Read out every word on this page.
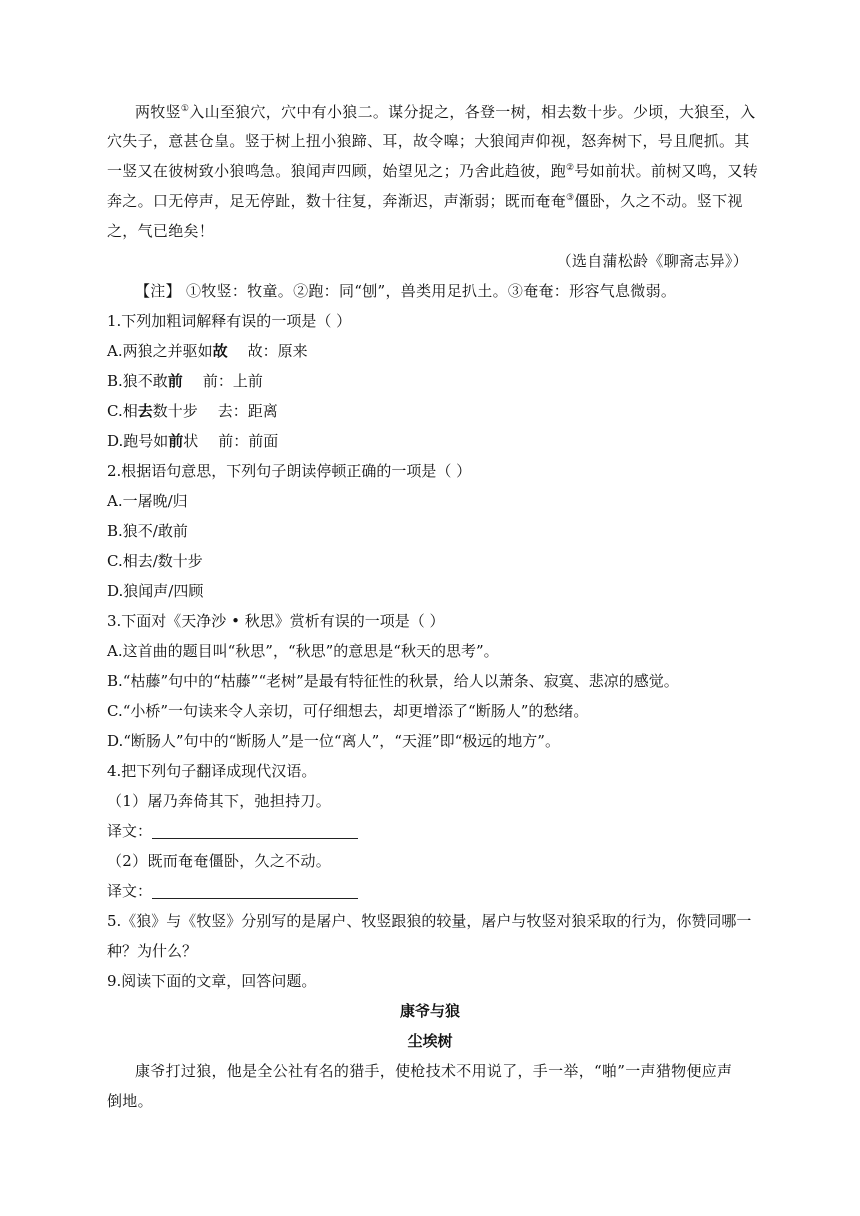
两牧竖①入山至狼穴，穴中有小狼二。谋分捉之，各登一树，相去数十步。少顷，大狼至，入
穴失子，意甚仓皇。竖于树上扭小狼蹄、耳，故令嗥；大狼闻声仰视，怒奔树下，号且爬抓。其
一竖又在彼树致小狼鸣急。狼闻声四顾，始望见之；乃舍此趋彼，跑②号如前状。前树又鸣，又转
奔之。口无停声，足无停趾，数十往复，奔渐迟，声渐弱；既而奄奄③僵卧，久之不动。竖下视
之，气已绝矣！
（选自蒲松龄《聊斋志异》）
【注】 ①牧竖：牧童。②跑：同“刨”，兽类用足扒土。③奄奄：形容气息微弱。
1.下列加粗词解释有误的一项是（ ）
A.两狼之并驱如故 故：原来
B.狼不敢前 前：上前
C.相去数十步 去：距离
D.跑号如前状 前：前面
2.根据语句意思，下列句子朗读停顿正确的一项是（ ）
A.一屠晚/归
B.狼不/敢前
C.相去/数十步
D.狼闻声/四顾
3.下面对《天净沙 • 秋思》赏析有误的一项是（ ）
A.这首曲的题目叫“秋思”，“秋思”的意思是“秋天的思考”。
B.“枯藤”句中的“枯藤”“老树”是最有特征性的秋景，给人以萧条、寂寞、悲凉的感觉。
C.“小桥”一句读来令人亲切，可仔细想去，却更增添了“断肠人”的愁绪。
D.“断肠人”句中的“断肠人”是一位“离人”，“天涯”即“极远的地方”。
4.把下列句子翻译成现代汉语。
（1）屠乃奔倚其下，弛担持刀。
译文：
（2）既而奄奄僵卧，久之不动。
译文：
5.《狼》与《牧竖》分别写的是屠户、牧竖跟狼的较量，屠户与牧竖对狼采取的行为，你赞同哪一
种？为什么？
9.阅读下面的文章，回答问题。
康爷与狼
尘埃树
康爷打过狼，他是全公社有名的猎手，使枪技术不用说了，手一举，“啪”一声猎物便应声
倒地。
